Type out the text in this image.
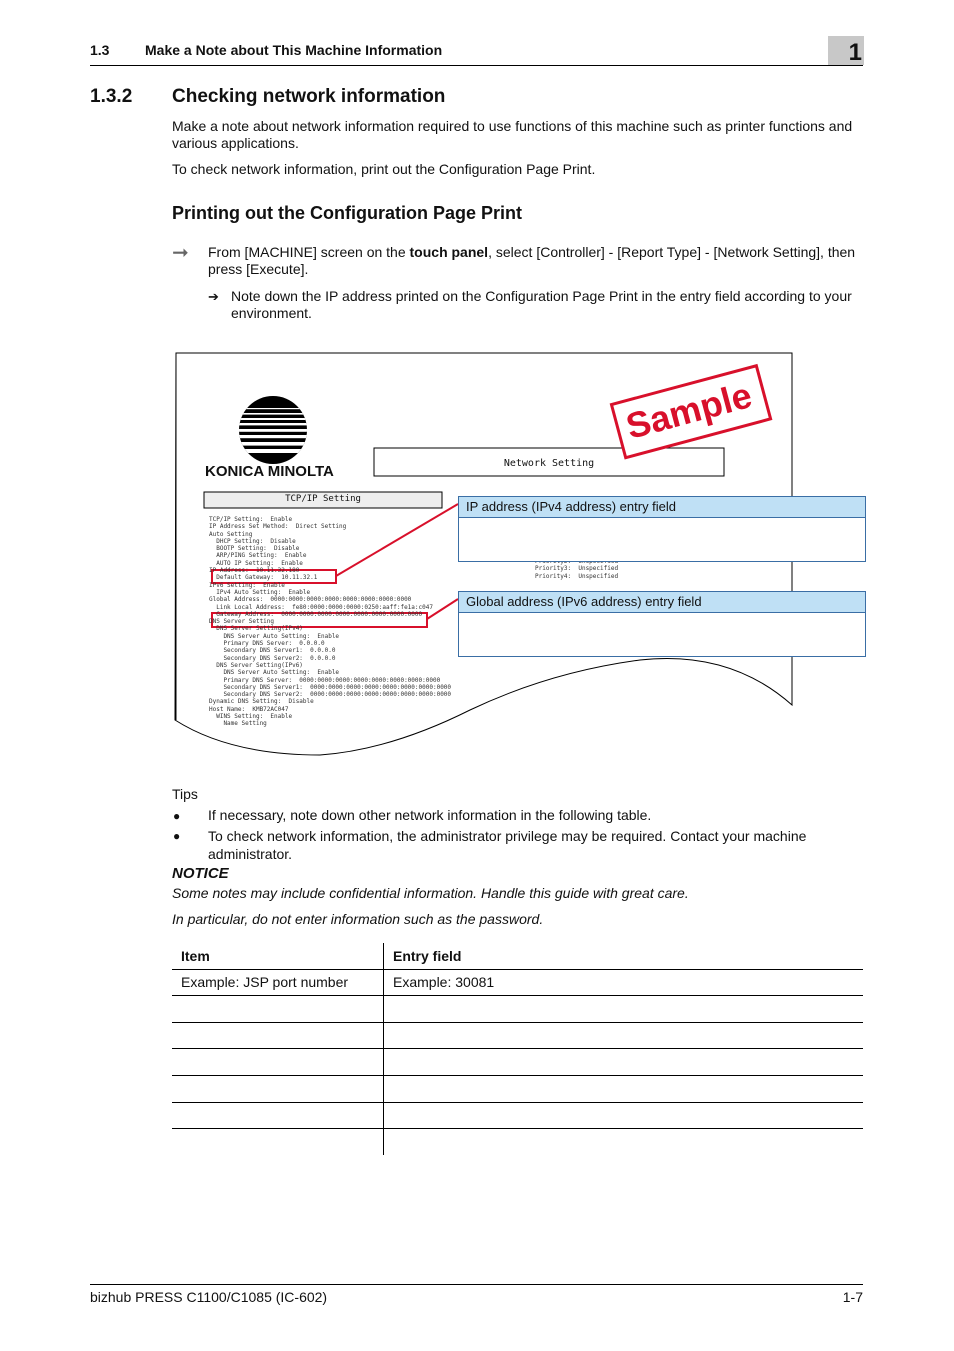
1.3	Make a Note about This Machine Information	1
1.3.2 Checking network information
Make a note about network information required to use functions of this machine such as printer functions and various applications.
To check network information, print out the Configuration Page Print.
Printing out the Configuration Page Print
➞ From [MACHINE] screen on the touch panel, select [Controller] - [Report Type] - [Network Setting], then press [Execute].
➔ Note down the IP address printed on the Configuration Page Print in the entry field according to your environment.
KONICA MINOLTA	Network Setting
Sample
TCP/IP Setting
TCP/IP Setting:  Enable
IP Address Set Method:  Direct Setting
Auto Setting
DHCP Setting:  Disable
BOOTP Setting:  Disable
ARP/PING Setting:  Enable
AUTO IP Setting:  Enable
IP Address:  10.11.32.180
Default Gateway:  10.11.32.1
IPv6 Setting:  Enable
IPv4 Auto Setting:  Enable
Global Address:  0000:0000:0000:0000:0000:0000:0000:0000
Link Local Address:  fe80:0000:0000:0000:0250:aaff:fe1a:c047
Gateway Address:  0000:0000:0000:0000:0000:0000:0000:0000
DNS Server Setting
DNS Server Setting(IPv4)
DNS Server Auto Setting:  Enable
Primary DNS Server:  0.0.0.0
Secondary DNS Server1:  0.0.0.0
Secondary DNS Server2:  0.0.0.0
DNS Server Setting(IPv6)
DNS Server Auto Setting:  Enable
Primary DNS Server:  0000:0000:0000:0000:0000:0000:0000:0000
Secondary DNS Server1:  0000:0000:0000:0000:0000:0000:0000:0000
Secondary DNS Server2:  0000:0000:0000:0000:0000:0000:0000:0000
Dynamic DNS Setting:  Disable
Host Name:  KMB72AC047
WINS Setting:  Enable
Name Setting
Priority3:  Unspecified
Priority4:  Unspecified
IP address (IPv4 address) entry field
Global address (IPv6 address) entry field
Tips
● If necessary, note down other network information in the following table.
● To check network information, the administrator privilege may be required. Contact your machine administrator.
NOTICE
Some notes may include confidential information. Handle this guide with great care.
In particular, do not enter information such as the password.
Item	Entry field
Example: JSP port number	Example: 30081

bizhub PRESS C1100/C1085 (IC-602)	1-7
